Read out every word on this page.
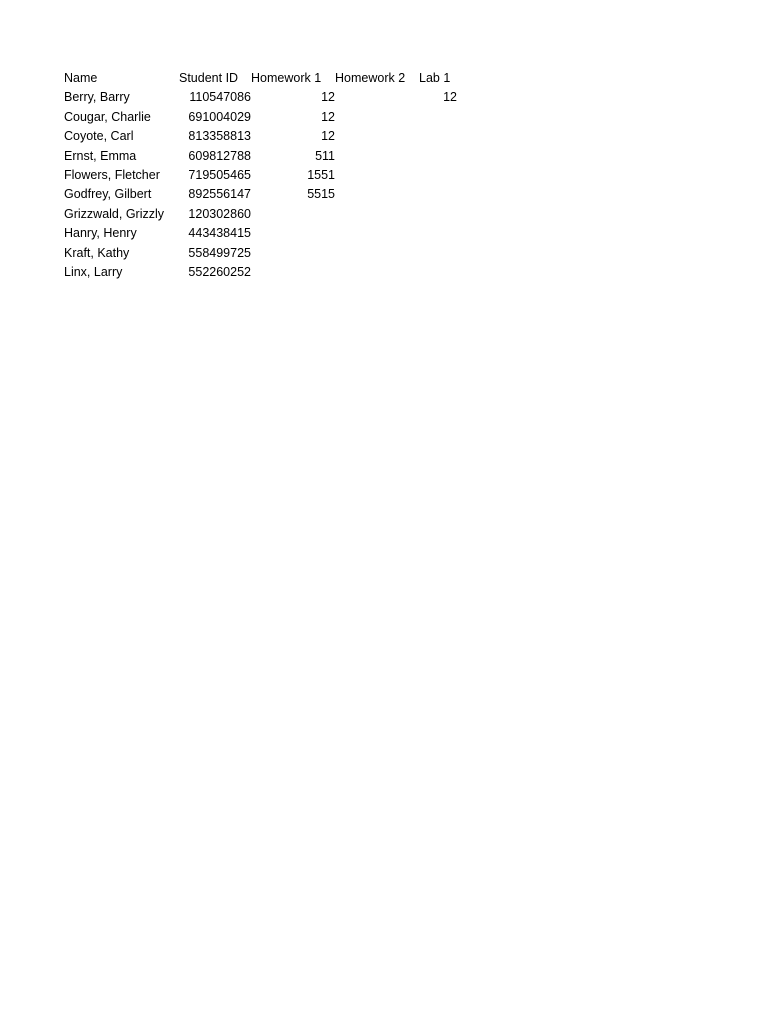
Name	Student ID	Homework 1	Homework 2	Lab 1
Berry, Barry	110547086	12		12
Cougar, Charlie	691004029	12		
Coyote, Carl	813358813	12		
Ernst, Emma	609812788	511		
Flowers, Fletcher	719505465	1551		
Godfrey, Gilbert	892556147	5515		
Grizzwald, Grizzly	120302860			
Hanry, Henry	443438415			
Kraft, Kathy	558499725			
Linx, Larry	552260252			
